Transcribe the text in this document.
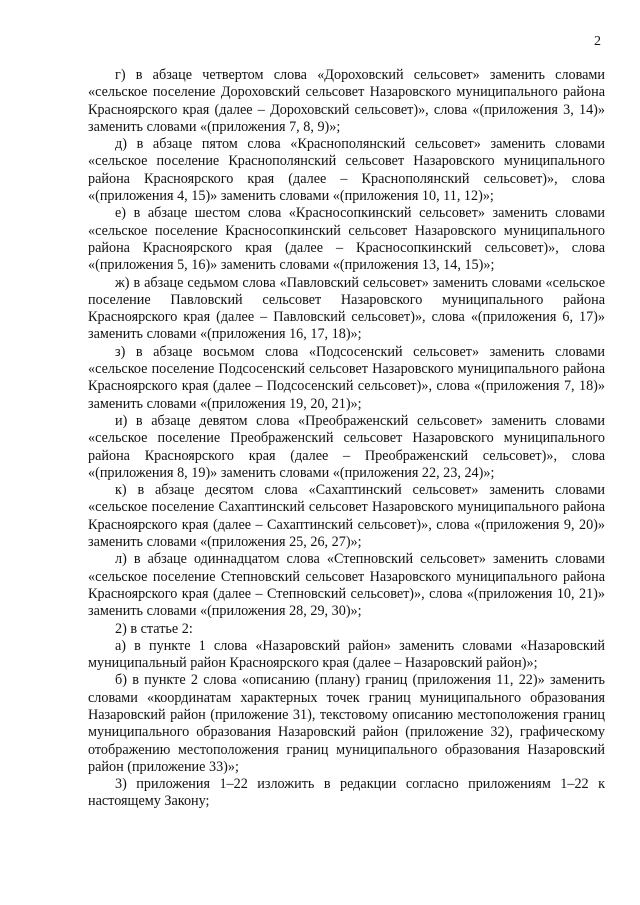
2

г) в абзаце четвертом слова «Дороховский сельсовет» заменить словами «сельское поселение Дороховский сельсовет Назаровского муниципального района Красноярского края (далее – Дороховский сельсовет)», слова «(приложения 3, 14)» заменить словами «(приложения 7, 8, 9)»;

д) в абзаце пятом слова «Краснополянский сельсовет» заменить словами «сельское поселение Краснополянский сельсовет Назаровского муниципального района Красноярского края (далее – Краснополянский сельсовет)», слова «(приложения 4, 15)» заменить словами «(приложения 10, 11, 12)»;

е) в абзаце шестом слова «Красносопкинский сельсовет» заменить словами «сельское поселение Красносопкинский сельсовет Назаровского муниципального района Красноярского края (далее – Красносопкинский сельсовет)», слова «(приложения 5, 16)» заменить словами «(приложения 13, 14, 15)»;

ж) в абзаце седьмом слова «Павловский сельсовет» заменить словами «сельское поселение Павловский сельсовет Назаровского муниципального района Красноярского края (далее – Павловский сельсовет)», слова «(приложения 6, 17)» заменить словами «(приложения 16, 17, 18)»;

з) в абзаце восьмом слова «Подсосенский сельсовет» заменить словами «сельское поселение Подсосенский сельсовет Назаровского муниципального района Красноярского края (далее – Подсосенский сельсовет)», слова «(приложения 7, 18)» заменить словами «(приложения 19, 20, 21)»;

и) в абзаце девятом слова «Преображенский сельсовет» заменить словами «сельское поселение Преображенский сельсовет Назаровского муниципального района Красноярского края (далее – Преображенский сельсовет)», слова «(приложения 8, 19)» заменить словами «(приложения 22, 23, 24)»;

к) в абзаце десятом слова «Сахаптинский сельсовет» заменить словами «сельское поселение Сахаптинский сельсовет Назаровского муниципального района Красноярского края (далее – Сахаптинский сельсовет)», слова «(приложения 9, 20)» заменить словами «(приложения 25, 26, 27)»;

л) в абзаце одиннадцатом слова «Степновский сельсовет» заменить словами «сельское поселение Степновский сельсовет Назаровского муниципального района Красноярского края (далее – Степновский сельсовет)», слова «(приложения 10, 21)» заменить словами «(приложения 28, 29, 30)»;

2) в статье 2:

а) в пункте 1 слова «Назаровский район» заменить словами «Назаровский муниципальный район Красноярского края (далее – Назаровский район)»;

б) в пункте 2 слова «описанию (плану) границ (приложения 11, 22)» заменить словами «координатам характерных точек границ муниципального образования Назаровский район (приложение 31), текстовому описанию местоположения границ муниципального образования Назаровский район (приложение 32), графическому отображению местоположения границ муниципального образования Назаровский район (приложение 33)»;

3) приложения 1–22 изложить в редакции согласно приложениям 1–22 к настоящему Закону;
